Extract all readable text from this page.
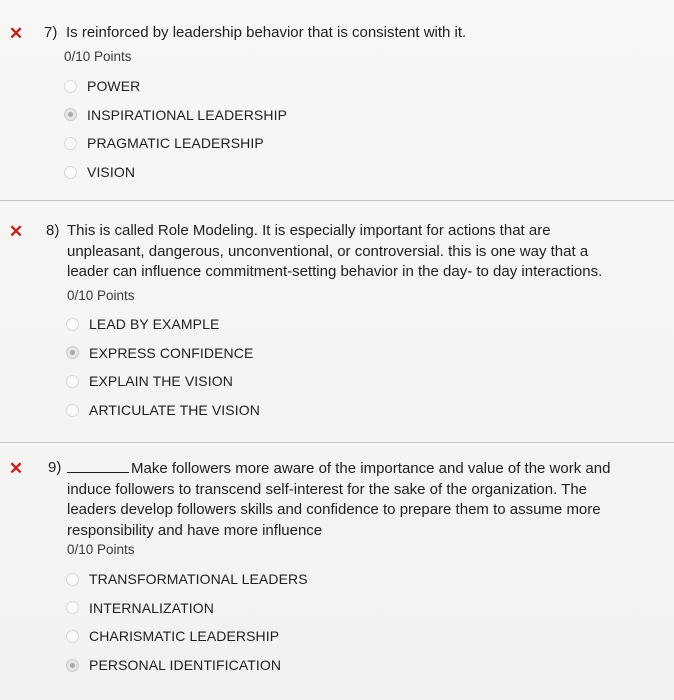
✕ 7) Is reinforced by leadership behavior that is consistent with it.
0/10 Points
POWER
INSPIRATIONAL LEADERSHIP
PRAGMATIC LEADERSHIP
VISION
✕ 8) This is called Role Modeling. It is especially important for actions that are unpleasant, dangerous, unconventional, or controversial. this is one way that a leader can influence commitment-setting behavior in the day- to day interactions.
0/10 Points
LEAD BY EXAMPLE
EXPRESS CONFIDENCE
EXPLAIN THE VISION
ARTICULATE THE VISION
✕ 9)	Make followers more aware of the importance and value of the work and induce followers to transcend self-interest for the sake of the organization. The leaders develop followers skills and confidence to prepare them to assume more responsibility and have more influence
0/10 Points
TRANSFORMATIONAL LEADERS
INTERNALIZATION
CHARISMATIC LEADERSHIP
PERSONAL IDENTIFICATION
